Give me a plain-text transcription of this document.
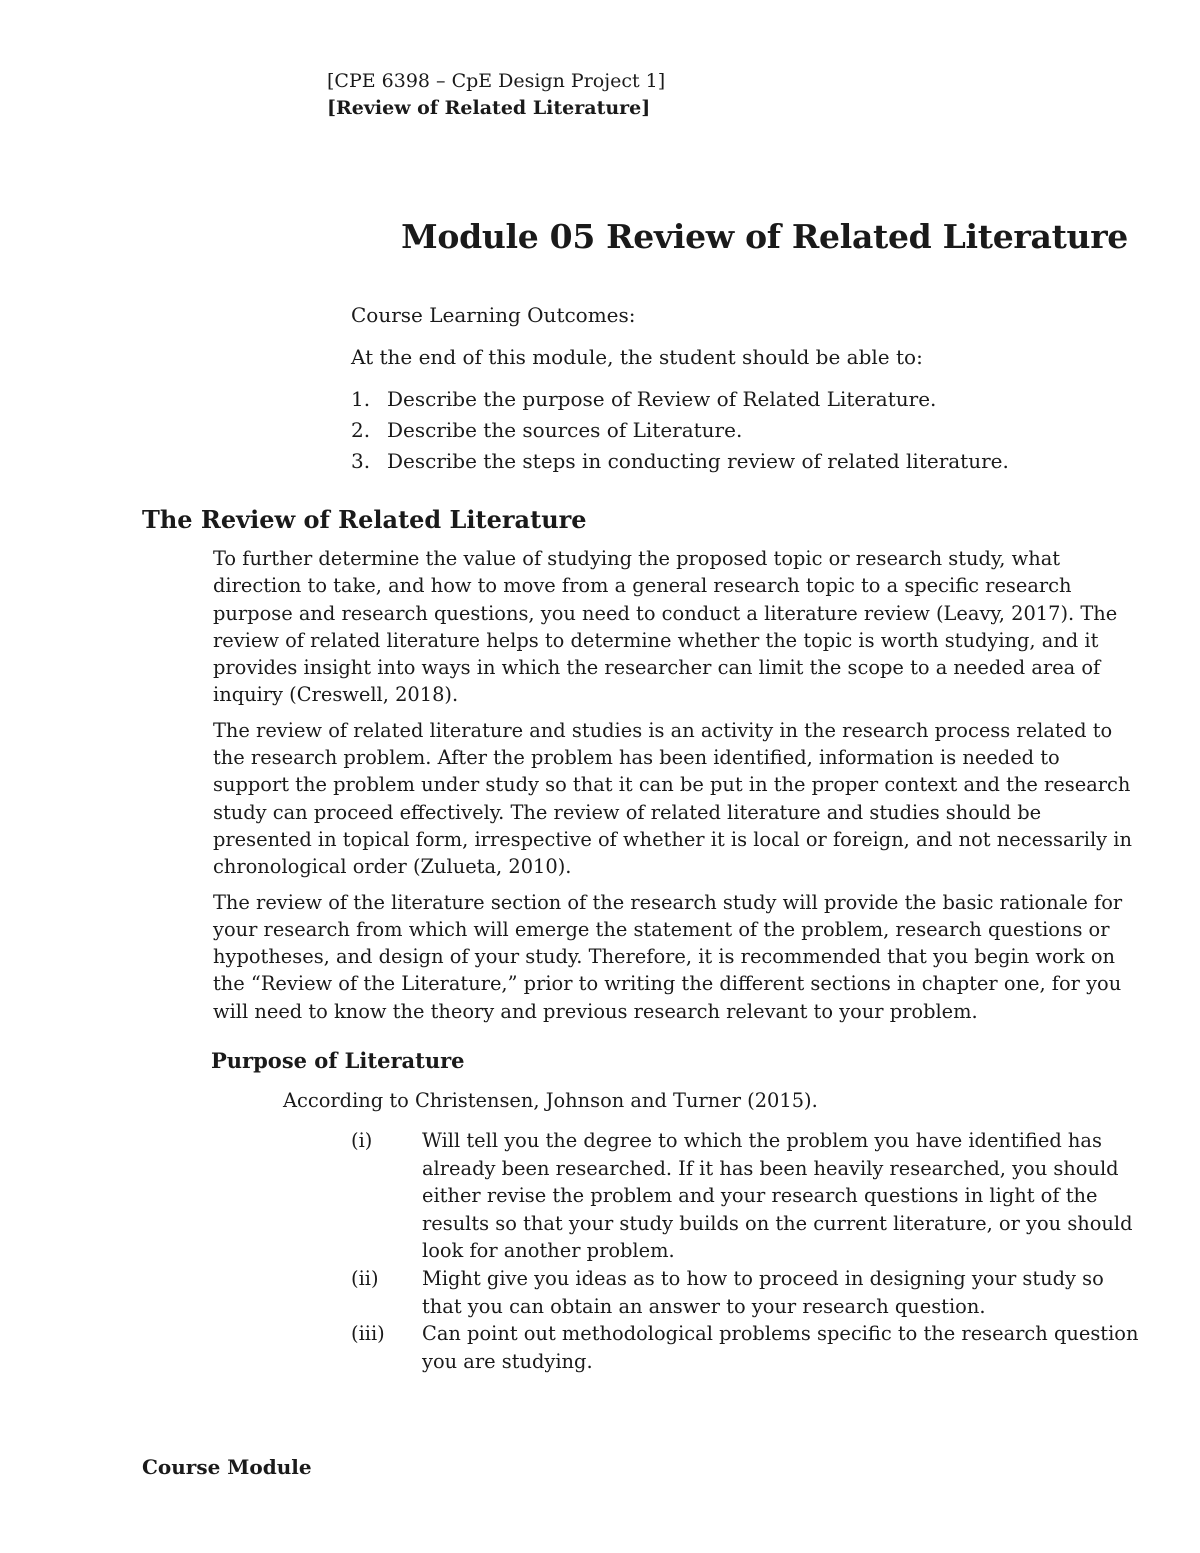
[CPE 6398 – CpE Design Project 1]
[Review of Related Literature]
Module 05 Review of Related Literature
Course Learning Outcomes:
At the end of this module, the student should be able to:
1. Describe the purpose of Review of Related Literature.
2. Describe the sources of Literature.
3. Describe the steps in conducting review of related literature.
The Review of Related Literature

To further determine the value of studying the proposed topic or research study, what direction to take, and how to move from a general research topic to a specific research purpose and research questions, you need to conduct a literature review (Leavy, 2017). The review of related literature helps to determine whether the topic is worth studying, and it provides insight into ways in which the researcher can limit the scope to a needed area of inquiry (Creswell, 2018).

The review of related literature and studies is an activity in the research process related to the research problem. After the problem has been identified, information is needed to support the problem under study so that it can be put in the proper context and the research study can proceed effectively. The review of related literature and studies should be presented in topical form, irrespective of whether it is local or foreign, and not necessarily in chronological order (Zulueta, 2010).

The review of the literature section of the research study will provide the basic rationale for your research from which will emerge the statement of the problem, research questions or hypotheses, and design of your study. Therefore, it is recommended that you begin work on the “Review of the Literature,” prior to writing the different sections in chapter one, for you will need to know the theory and previous research relevant to your problem.

Purpose of Literature
According to Christensen, Johnson and Turner (2015).
(i)	Will tell you the degree to which the problem you have identified has already been researched. If it has been heavily researched, you should either revise the problem and your research questions in light of the results so that your study builds on the current literature, or you should look for another problem.
(ii) Might give you ideas as to how to proceed in designing your study so that you can obtain an answer to your research question.
(iii) Can point out methodological problems specific to the research question you are studying.
Course Module
